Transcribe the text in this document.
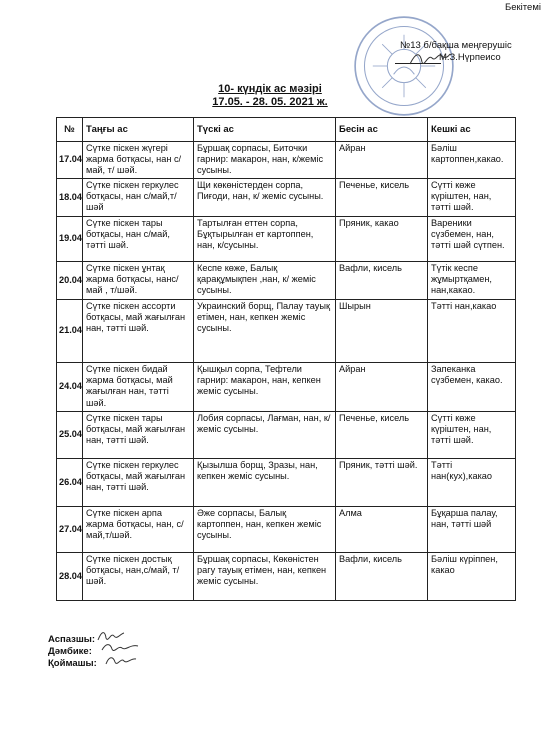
Бекітемі
№13 б/бақша меңгерушіс
М.З.Нүрпеисо
10- күндік ас мәзірі
17.05. - 28. 05. 2021 ж.
№	Таңғы ас	Түскі ас	Бесін ас	Кешкі ас
17.04	Сүтке піскен жүгері жарма ботқасы, нан с/май, т/ шәй.	Бұршақ сорпасы, Биточки гарнир: макарон, нан, к/жеміс сусыны.	Айран	Бәліш картоппен,какао.
18.04	Сүтке піскен геркулес ботқасы, нан с/май,т/шәй	Щи көкөністерден сорпа, Пиғоди, нан, к/ жеміс сусыны.	Печенье, кисель	Сүтті көже күріштен, нан, тәтті шәй.
19.04	Сүтке піскен тары ботқасы, нан с/май, тәтті шәй.	Тартылған еттен сорпа, Бұқтырылған ет картоппен, нан, к/сусыны.	Пряник, какао	Вареники сүзбемен, нан, тәтті шәй сүтпен.
20.04	Сүтке піскен ұнтақ жарма ботқасы, нанс/май , т/шәй.	Кеспе көже, Балық қарақұмықпен ,нан, к/ жеміс сусыны.	Вафли, кисель	Түтік кеспе жұмыртқамен, нан,какао.
21.04	Сүтке піскен ассорти ботқасы, май жағылған нан, тәтті шәй.	Украинский борщ, Палау тауық етімен, нан, кепкен жеміс сусыны.	Шырын	Тәтті нан,какао
24.04	Сүтке піскен бидай жарма ботқасы, май жағылған нан, тәтті шәй.	Қышқыл сорпа, Тефтели гарнир: макарон, нан, кепкен жеміс сусыны.	Айран	Запеканка сүзбемен, какао.
25.04	Сүтке піскен тары ботқасы, май жағылған нан, тәтті шәй.	Лобия сорпасы, Лағман, нан, к/жеміс сусыны.	Печенье, кисель	Сүтті көже күріштен, нан, тәтті шәй.
26.04	Сүтке піскен геркулес ботқасы, май жағылған нан, тәтті шәй.	Қызылша борщ, Зразы, нан, кепкен жеміс сусыны.	Пряник, тәтті шәй.	Тәтті нан(кух),какао
27.04	Сүтке піскен арпа жарма ботқасы, нан, с/май,т/шәй.	Әже сорпасы, Балық картоппен, нан, кепкен жеміс сусыны.	Алма	Бұқарша палау, нан, тәтті шәй
28.04	Сүтке піскен достық ботқасы, нан,с/май, т/шәй.	Бұршақ сорпасы, Көкөністен рагу тауық етімен, нан, кепкен жеміс сусыны.	Вафли, кисель	Бәліш күріппен, какао
Аспазшы:
Дәмбике:
Қоймашы:
